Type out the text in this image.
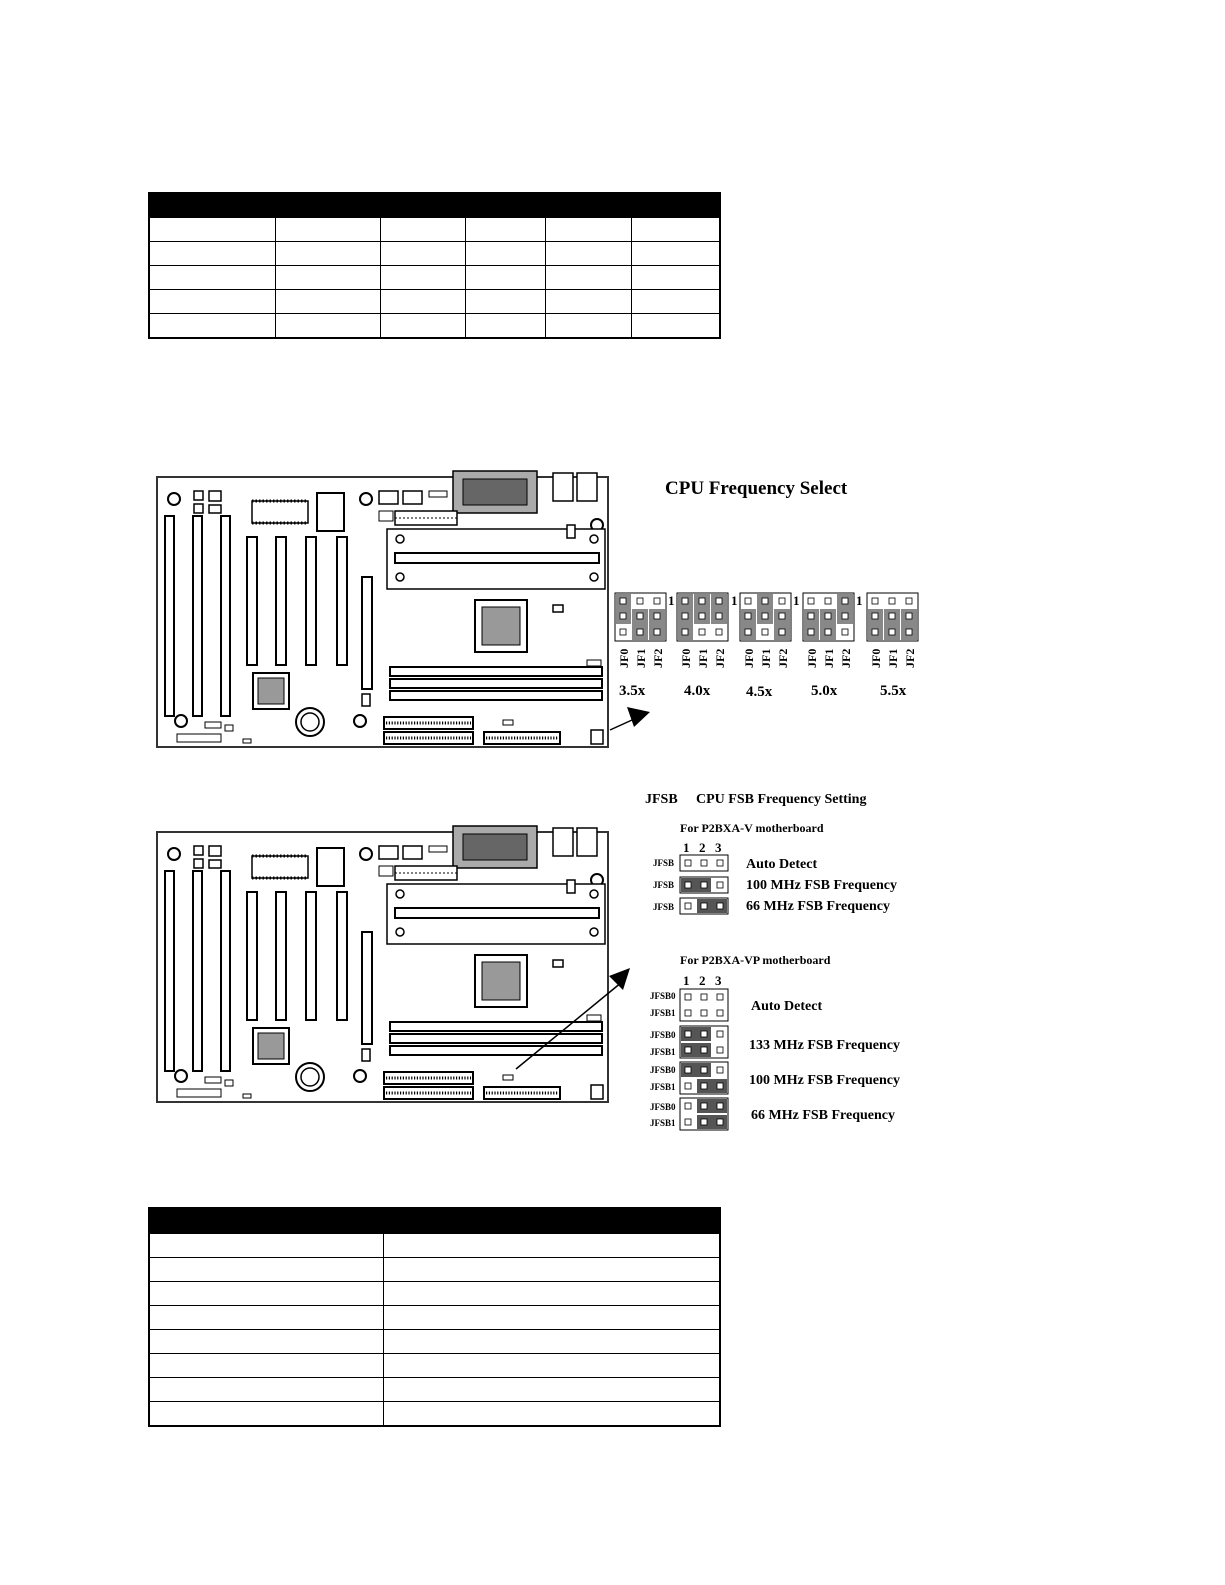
CPU Frequency Select
1	1	1	1
JF0 JF1 JF2 JF0 JF1 JF2 JF0 JF1 JF2 JF0 JF1 JF2 JF0 JF1 JF2
3.5x	4.0x 4.5x	5.0x	5.5x
JFSB CPU FSB Frequency Setting
For P2BXA-V motherboard
1 2 3
JFSB	Auto Detect
JFSB	100 MHz FSB Frequency
JFSB	66 MHz FSB Frequency
For P2BXA-VP motherboard
1 2 3
JFSB0
JFSB1	Auto Detect
JFSB0
JFSB1	133 MHz FSB Frequency
JFSB0
JFSB1	100 MHz FSB Frequency
JFSB0
JFSB1	66 MHz FSB Frequency
